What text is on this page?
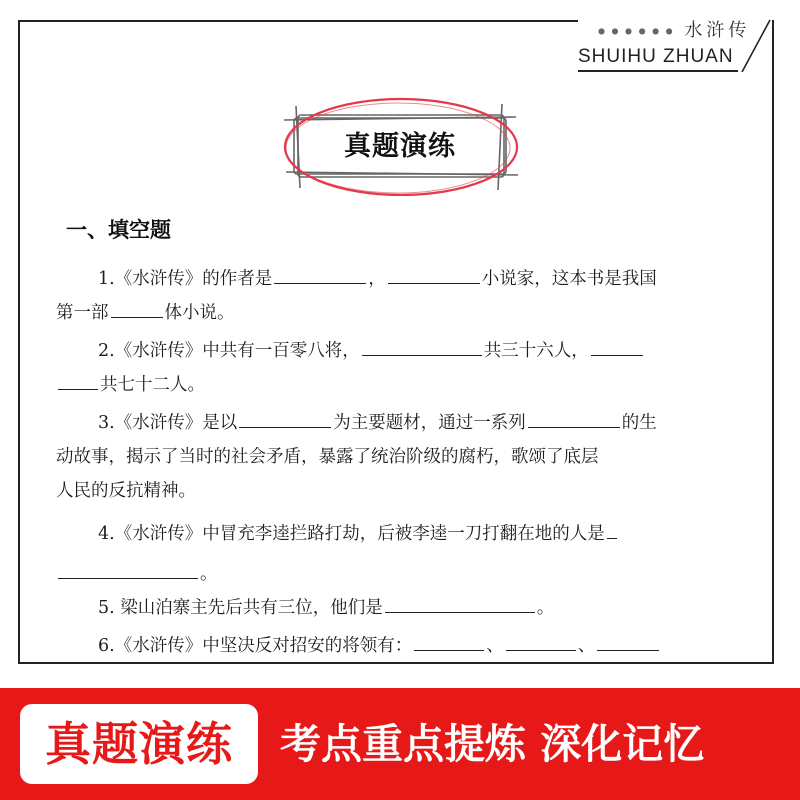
● ● ● ● ● ● 水浒传
SHUIHU ZHUAN
真题演练
一、填空题

1.《水浒传》的作者是	，	小说家，这本书是我国

第一部	体小说。

2.《水浒传》中共有一百零八将，	共三十六人，

共七十二人。

3.《水浒传》是以	为主要题材，通过一系列	的生

动故事，揭示了当时的社会矛盾，暴露了统治阶级的腐朽，歌颂了底层

人民的反抗精神。

4.《水浒传》中冒充李逵拦路打劫，后被李逵一刀打翻在地的人是

。

5. 梁山泊寨主先后共有三位，他们是	。

6.《水浒传》中坚决反对招安的将领有：	、	、

真题演练	考点重点提炼 深化记忆
